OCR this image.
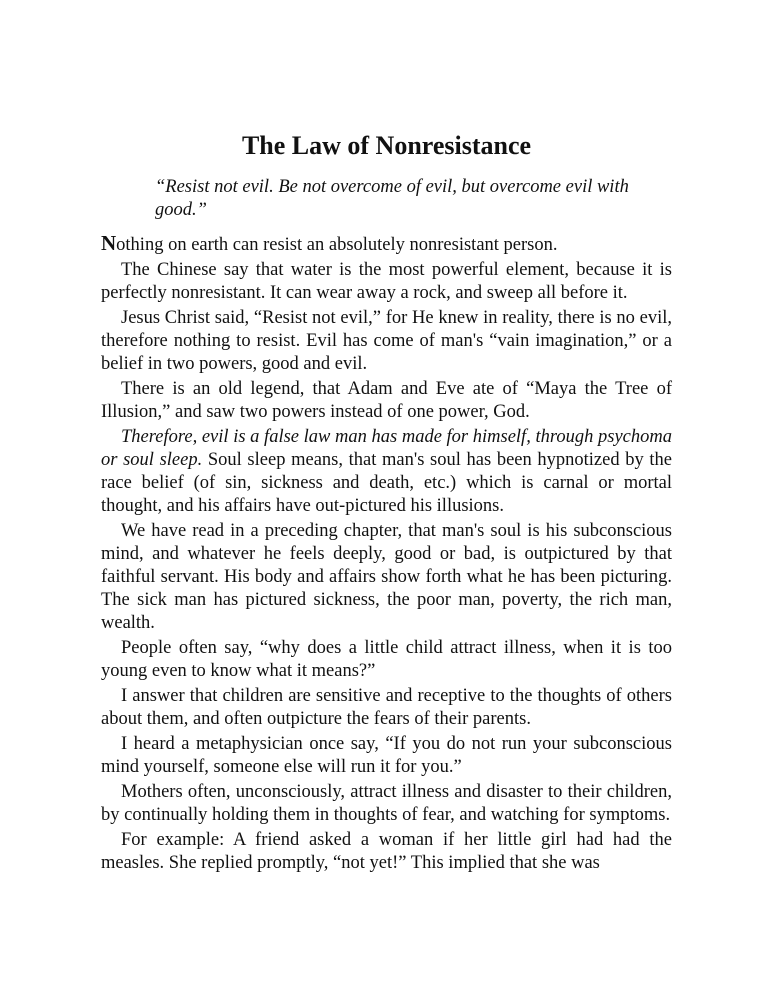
The Law of Nonresistance

“Resist not evil. Be not overcome of evil, but overcome evil with good.”

Nothing on earth can resist an absolutely nonresistant person.

The Chinese say that water is the most powerful element, because it is perfectly nonresistant. It can wear away a rock, and sweep all before it.

Jesus Christ said, “Resist not evil,” for He knew in reality, there is no evil, therefore nothing to resist. Evil has come of man's “vain imagination,” or a belief in two powers, good and evil.

There is an old legend, that Adam and Eve ate of “Maya the Tree of Illusion,” and saw two powers instead of one power, God.

Therefore, evil is a false law man has made for himself, through psychoma or soul sleep. Soul sleep means, that man's soul has been hypnotized by the race belief (of sin, sickness and death, etc.) which is carnal or mortal thought, and his affairs have out-pictured his illusions.

We have read in a preceding chapter, that man's soul is his subconscious mind, and whatever he feels deeply, good or bad, is outpictured by that faithful servant. His body and affairs show forth what he has been picturing. The sick man has pictured sickness, the poor man, poverty, the rich man, wealth.

People often say, “why does a little child attract illness, when it is too young even to know what it means?”

I answer that children are sensitive and receptive to the thoughts of others about them, and often outpicture the fears of their parents.

I heard a metaphysician once say, “If you do not run your subconscious mind yourself, someone else will run it for you.”

Mothers often, unconsciously, attract illness and disaster to their children, by continually holding them in thoughts of fear, and watching for symptoms.

For example: A friend asked a woman if her little girl had had the measles. She replied promptly, “not yet!” This implied that she was
